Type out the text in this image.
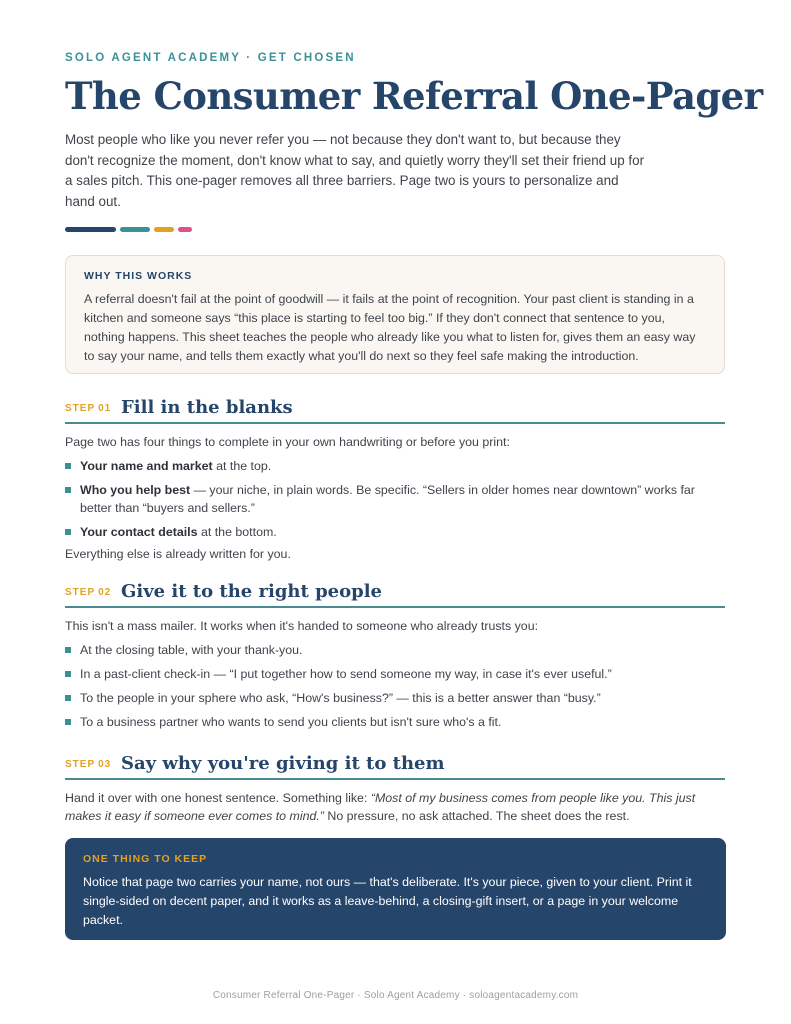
SOLO AGENT ACADEMY · GET CHOSEN
The Consumer Referral One-Pager

Most people who like you never refer you — not because they don't want to, but because they don't recognize the moment, don't know what to say, and quietly worry they'll set their friend up for a sales pitch. This one-pager removes all three barriers. Page two is yours to personalize and hand out.

WHY THIS WORKS

A referral doesn't fail at the point of goodwill — it fails at the point of recognition. Your past client is standing in a kitchen and someone says “this place is starting to feel too big.” If they don't connect that sentence to you, nothing happens. This sheet teaches the people who already like you what to listen for, gives them an easy way to say your name, and tells them exactly what you'll do next so they feel safe making the introduction.

STEP 01 Fill in the blanks

Page two has four things to complete in your own handwriting or before you print:

Your name and market at the top.
Who you help best — your niche, in plain words. Be specific. “Sellers in older homes near downtown” works far better than “buyers and sellers.”
Your contact details at the bottom.

Everything else is already written for you.

STEP 02 Give it to the right people

This isn't a mass mailer. It works when it's handed to someone who already trusts you:

At the closing table, with your thank-you.
In a past-client check-in — “I put together how to send someone my way, in case it's ever useful.”
To the people in your sphere who ask, “How's business?” — this is a better answer than “busy.”
To a business partner who wants to send you clients but isn't sure who's a fit.
STEP 03 Say why you're giving it to them

Hand it over with one honest sentence. Something like: “Most of my business comes from people like you. This just makes it easy if someone ever comes to mind.” No pressure, no ask attached. The sheet does the rest.

ONE THING TO KEEP

Notice that page two carries your name, not ours — that's deliberate. It's your piece, given to your client. Print it single-sided on decent paper, and it works as a leave-behind, a closing-gift insert, or a page in your welcome packet.

Consumer Referral One-Pager · Solo Agent Academy · soloagentacademy.com
